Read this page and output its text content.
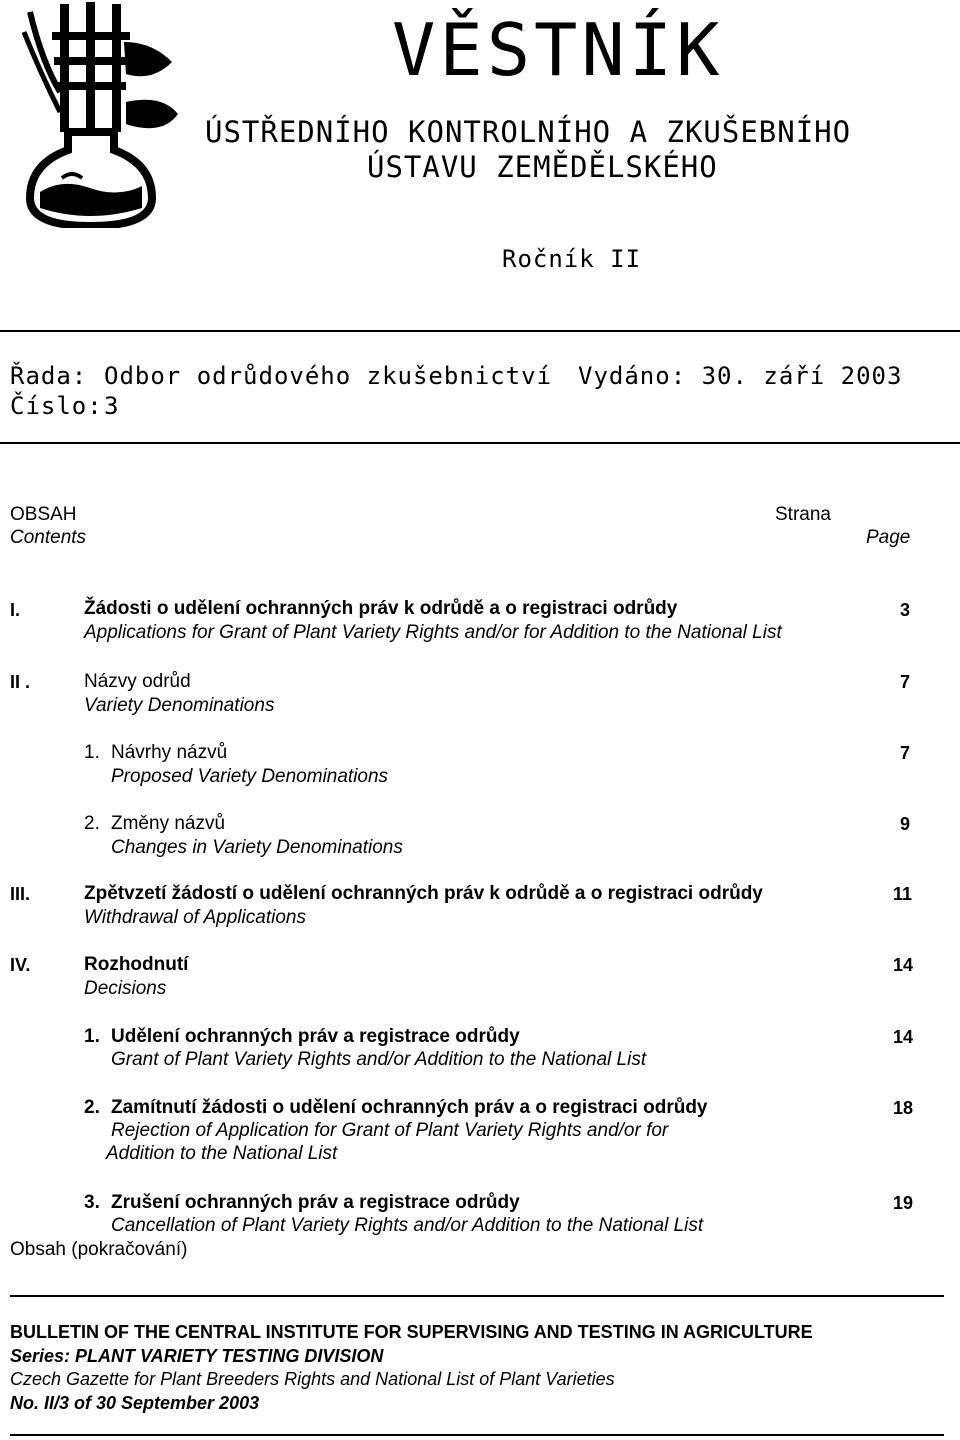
VĚSTNÍK
ÚSTŘEDNÍHO KONTROLNÍHO A ZKUŠEBNÍHO
ÚSTAVU ZEMĚDĚLSKÉHO
Ročník II
Řada: Odbor odrůdového zkušebnictví Vydáno: 30. září 2003
Číslo: 3
OBSAH
Contents
Strana
Page
I.	Žádosti o udělení ochranných práv k odrůdě a o registraci odrůdy
Applications for Grant of Plant Variety Rights and/or for Addition to the National List
3
II .	Názvy odrůd
Variety Denominations
7
1. Návrhy názvů
Proposed Variety Denominations
7
2. Změny názvů
Changes in Variety Denominations
9
III.	Zpětvzetí žádostí o udělení ochranných práv k odrůdě a o registraci odrůdy
Withdrawal of Applications
11
IV.	Rozhodnutí
Decisions
14
1. Udělení ochranných práv a registrace odrůdy
Grant of Plant Variety Rights and/or Addition to the National List
14
2. Zamítnutí žádosti o udělení ochranných práv a o registraci odrůdy
Rejection of Application for Grant of Plant Variety Rights and/or for
Addition to the National List
18
3. Zrušení ochranných práv a registrace odrůdy
Cancellation of Plant Variety Rights and/or Addition to the National List
19
Obsah (pokračování)
BULLETIN OF THE CENTRAL INSTITUTE FOR SUPERVISING AND TESTING IN AGRICULTURE
Series: PLANT VARIETY TESTING DIVISION
Czech Gazette for Plant Breeders Rights and National List of Plant Varieties
No. II/3 of 30 September 2003
